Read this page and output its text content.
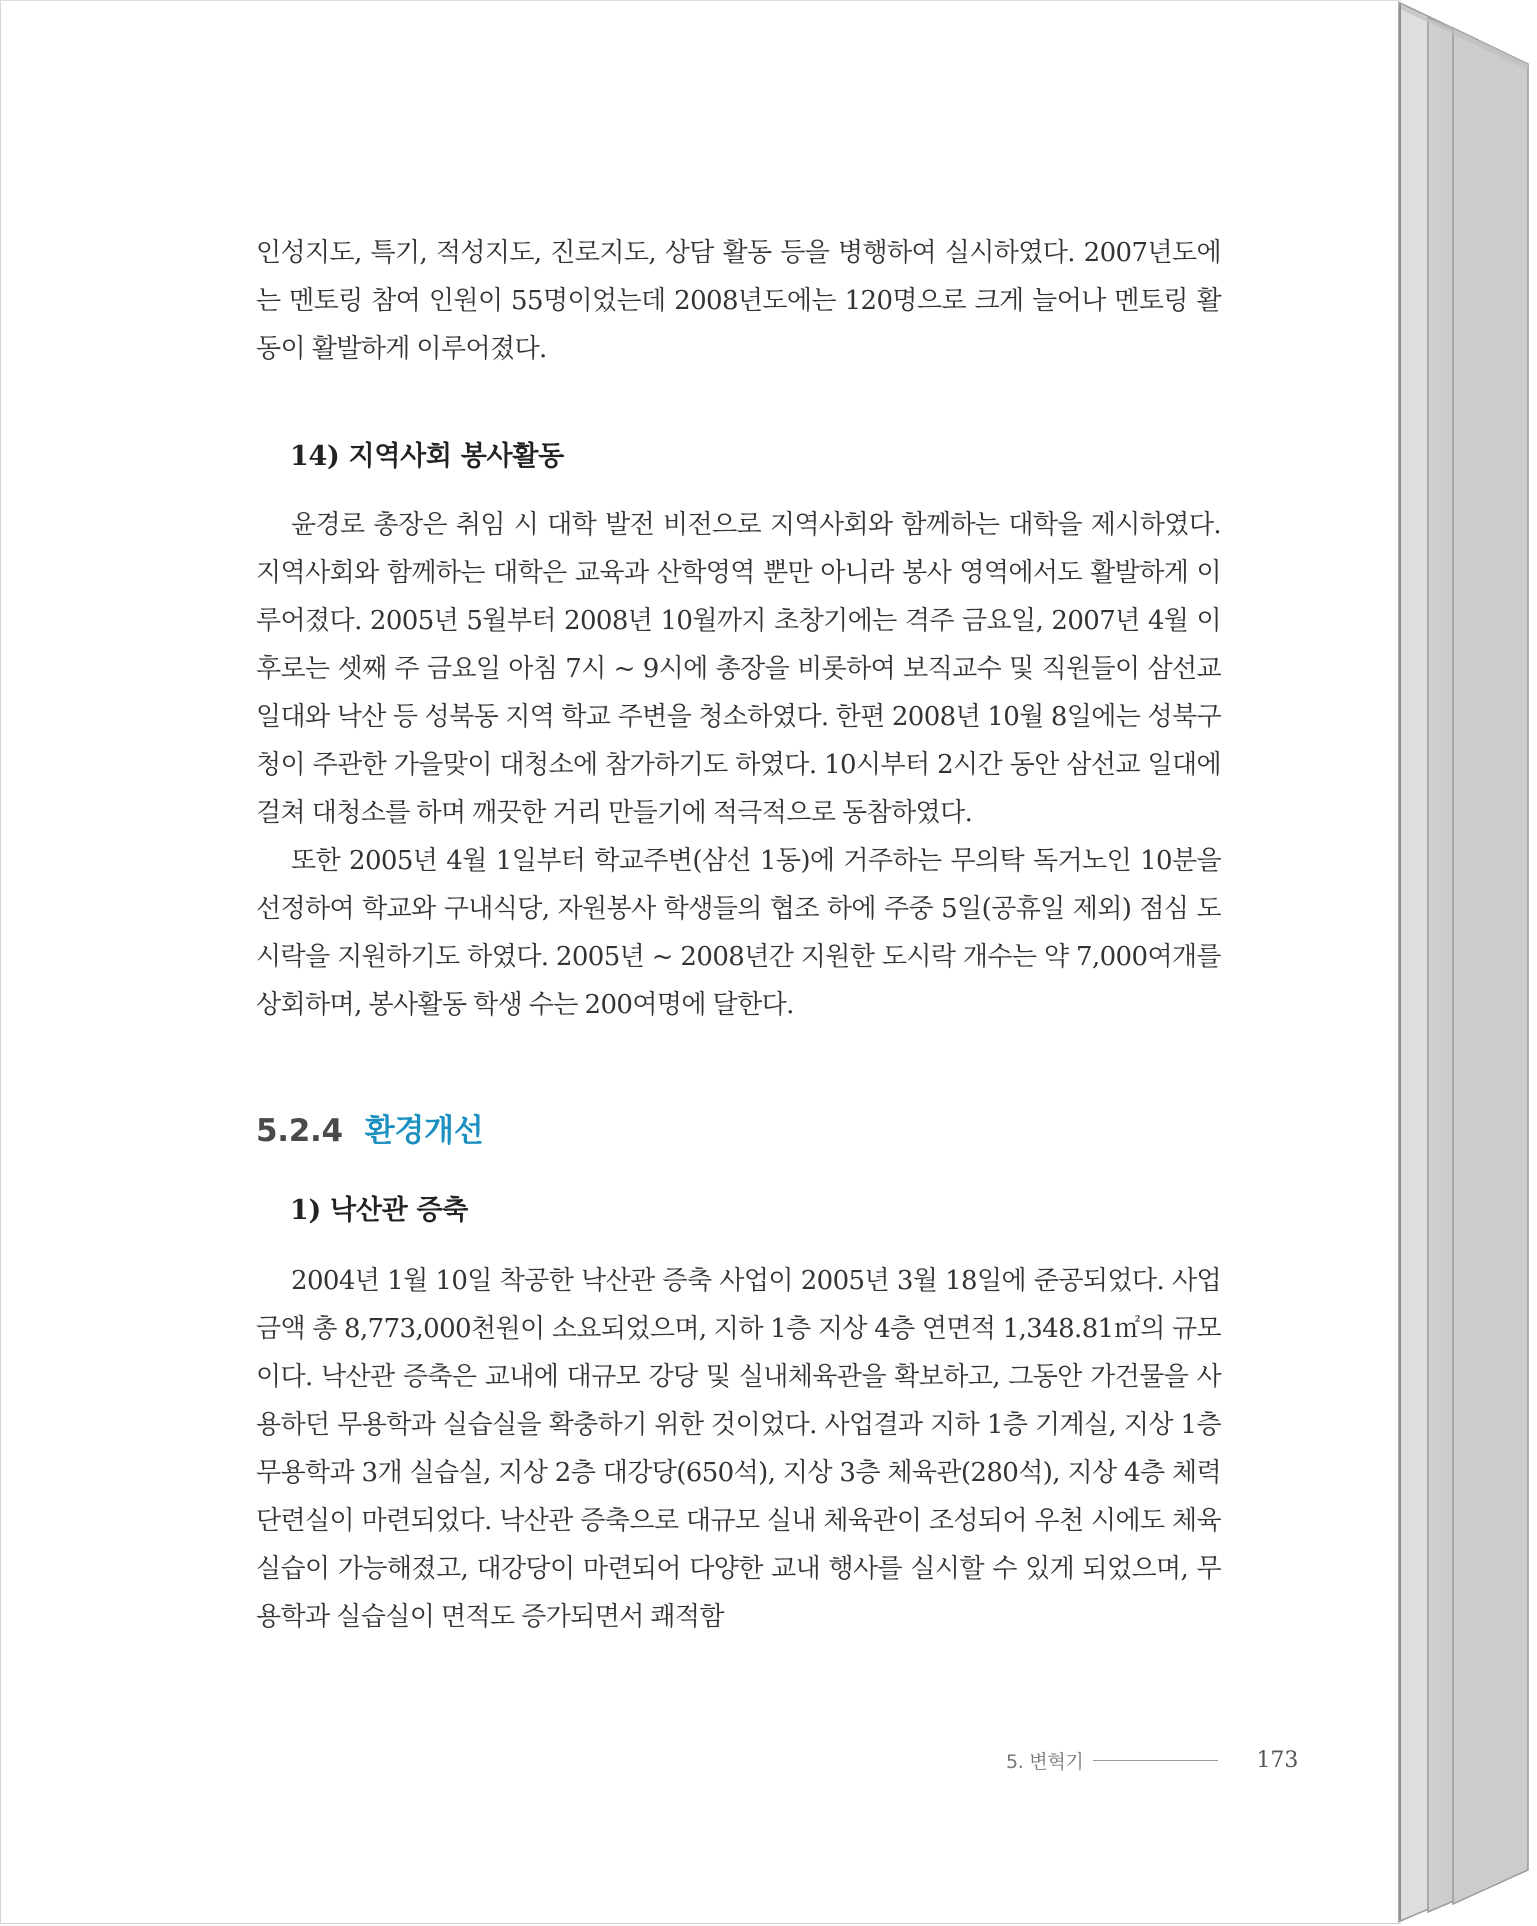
인성지도, 특기, 적성지도, 진로지도, 상담 활동 등을 병행하여 실시하였다. 2007년도에는 멘토링 참여 인원이 55명이었는데 2008년도에는 120명으로 크게 늘어나 멘토링 활동이 활발하게 이루어졌다.

14) 지역사회 봉사활동

윤경로 총장은 취임 시 대학 발전 비전으로 지역사회와 함께하는 대학을 제시하였다. 지역사회와 함께하는 대학은 교육과 산학영역 뿐만 아니라 봉사 영역에서도 활발하게 이루어졌다. 2005년 5월부터 2008년 10월까지 초창기에는 격주 금요일, 2007년 4월 이후로는 셋째 주 금요일 아침 7시 ~ 9시에 총장을 비롯하여 보직교수 및 직원들이 삼선교 일대와 낙산 등 성북동 지역 학교 주변을 청소하였다. 한편 2008년 10월 8일에는 성북구청이 주관한 가을맞이 대청소에 참가하기도 하였다. 10시부터 2시간 동안 삼선교 일대에 걸쳐 대청소를 하며 깨끗한 거리 만들기에 적극적으로 동참하였다.

또한 2005년 4월 1일부터 학교주변(삼선 1동)에 거주하는 무의탁 독거노인 10분을 선정하여 학교와 구내식당, 자원봉사 학생들의 협조 하에 주중 5일(공휴일 제외) 점심 도시락을 지원하기도 하였다. 2005년 ~ 2008년간 지원한 도시락 개수는 약 7,000여개를 상회하며, 봉사활동 학생 수는 200여명에 달한다.

5.2.4 환경개선
1) 낙산관 증축

2004년 1월 10일 착공한 낙산관 증축 사업이 2005년 3월 18일에 준공되었다. 사업금액 총 8,773,000천원이 소요되었으며, 지하 1층 지상 4층 연면적 1,348.81㎡의 규모이다. 낙산관 증축은 교내에 대규모 강당 및 실내체육관을 확보하고, 그동안 가건물을 사용하던 무용학과 실습실을 확충하기 위한 것이었다. 사업결과 지하 1층 기계실, 지상 1층 무용학과 3개 실습실, 지상 2층 대강당(650석), 지상 3층 체육관(280석), 지상 4층 체력단련실이 마련되었다. 낙산관 증축으로 대규모 실내 체육관이 조성되어 우천 시에도 체육 실습이 가능해졌고, 대강당이 마련되어 다양한 교내 행사를 실시할 수 있게 되었으며, 무용학과 실습실이 면적도 증가되면서 쾌적함

5. 변혁기	173
